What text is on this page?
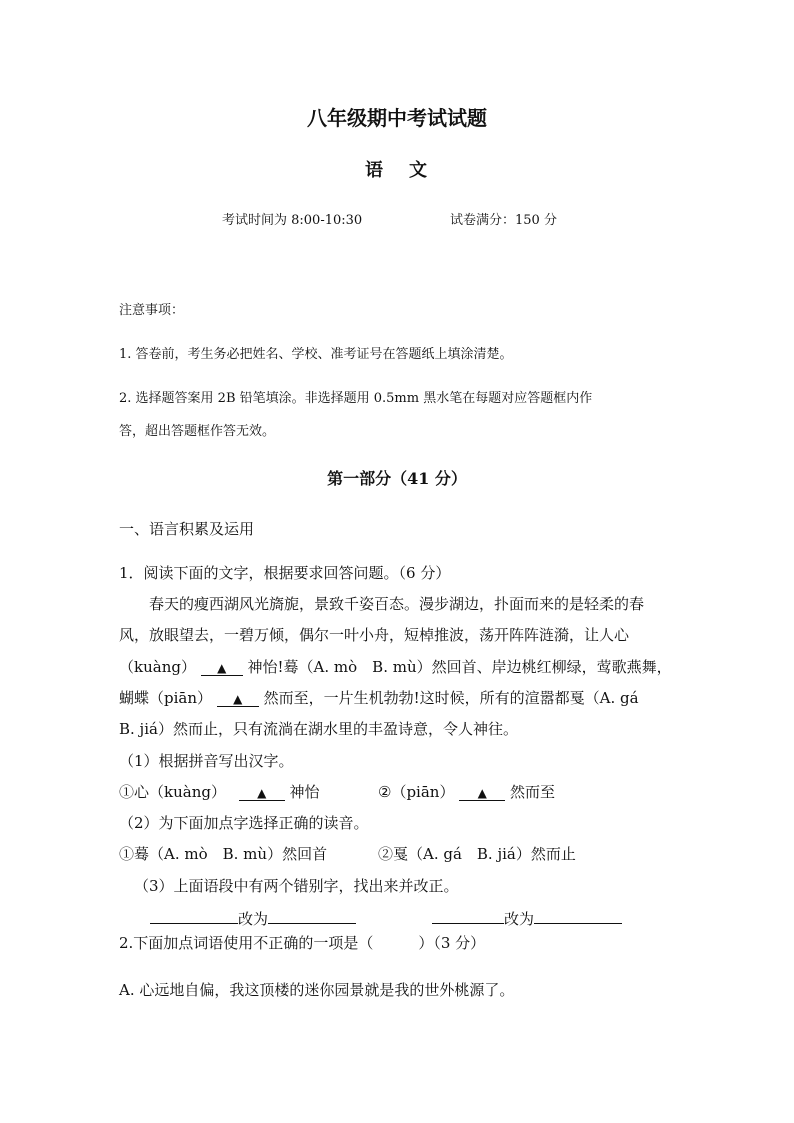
八年级期中考试试题
语 文
考试时间为 8:00-10:30	试卷满分：150 分
注意事项：
1. 答卷前，考生务必把姓名、学校、准考证号在答题纸上填涂清楚。
2. 选择题答案用 2B 铅笔填涂。非选择题用 0.5mm 黑水笔在每题对应答题框内作
答，超出答题框作答无效。
第一部分（41 分）
一、语言积累及运用
1．阅读下面的文字，根据要求回答问题。（6 分）
春天的瘦西湖风光旖旎，景致千姿百态。漫步湖边，扑面而来的是轻柔的春
风，放眼望去，一碧万倾，偶尔一叶小舟，短棹推波，荡开阵阵涟漪，让人心
（kuàng） ▲ 神怡!蓦（A. mò　B. mù）然回首、岸边桃红柳绿，莺歌燕舞，
蝴蝶（piān） ▲ 然而至，一片生机勃勃!这时候，所有的渲嚣都戛（A. gá
B. jiá）然而止，只有流淌在湖水里的丰盈诗意，令人神往。
（1）根据拼音写出汉字。
①心（kuàng）	▲ 神怡	②（piān） ▲ 然而至
（2）为下面加点字选择正确的读音。
①蓦（A. mò　B. mù）然回首	②戛（A. gá　B. jiá）然而止
（3）上面语段中有两个错别字，找出来并改正。
改为	改为
2.下面加点词语使用不正确的一项是（　　　）（3 分）
A. 心远地自偏，我这顶楼的迷你园景就是我的世外桃源了。
